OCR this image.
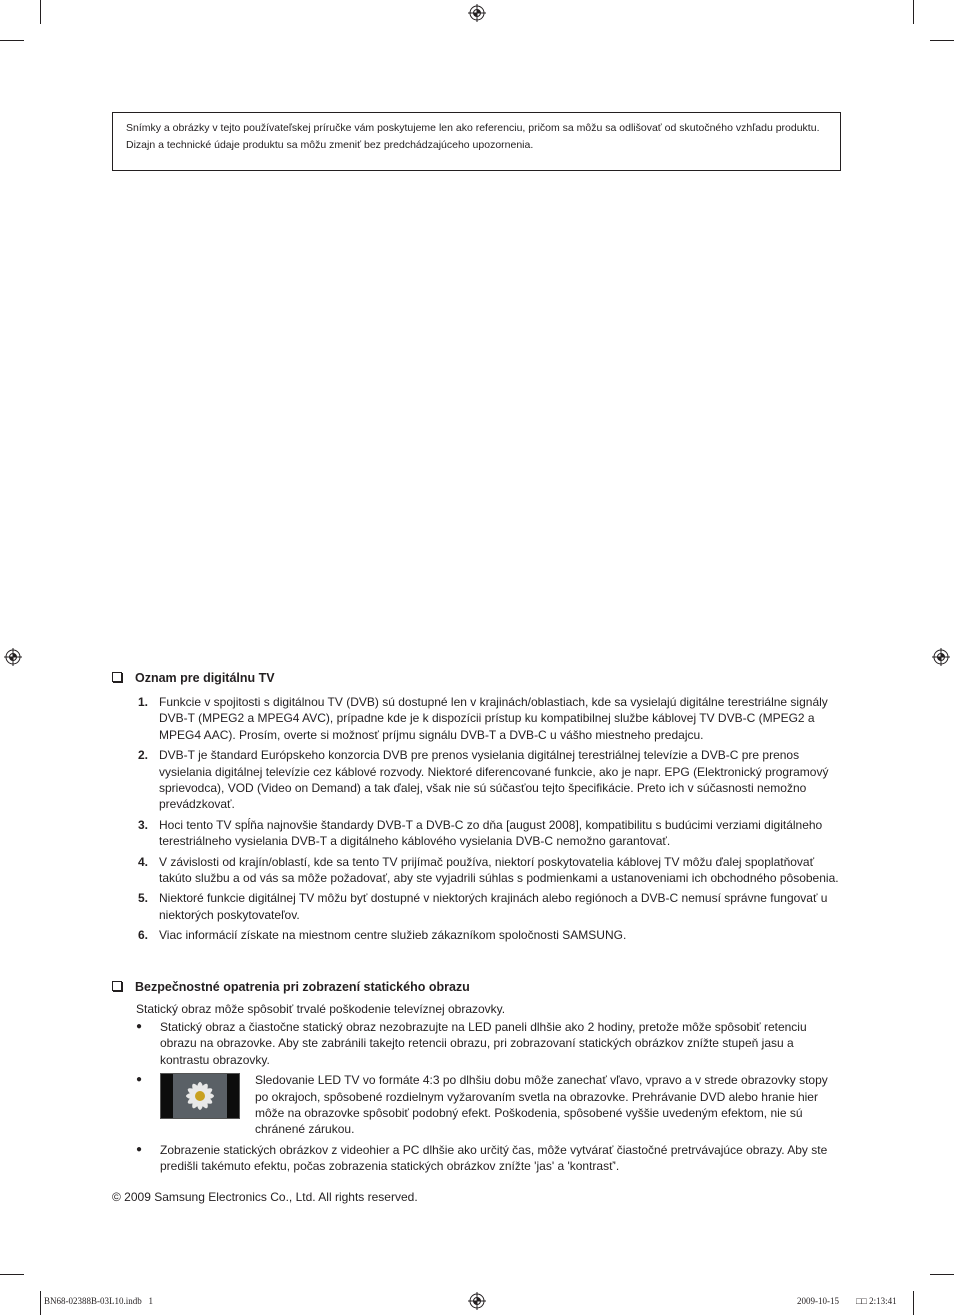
Snímky a obrázky v tejto používateľskej príručke vám poskytujeme len ako referenciu, pričom sa môžu sa odlišovať od skutočného vzhľadu produktu.

Dizajn a technické údaje produktu sa môžu zmeniť bez predchádzajúceho upozornenia.

Oznam pre digitálnu TV
1. Funkcie v spojitosti s digitálnou TV (DVB) sú dostupné len v krajinách/oblastiach, kde sa vysielajú digitálne terestriálne signály DVB-T (MPEG2 a MPEG4 AVC), prípadne kde je k dispozícii prístup ku kompatibilnej službe káblovej TV DVB-C (MPEG2 a MPEG4 AAC). Prosím, overte si možnosť príjmu signálu DVB-T a DVB-C u vášho miestneho predajcu.
2. DVB-T je štandard Európskeho konzorcia DVB pre prenos vysielania digitálnej terestriálnej televízie a DVB-C pre prenos vysielania digitálnej televízie cez káblové rozvody. Niektoré diferencované funkcie, ako je napr. EPG (Elektronický programový sprievodca), VOD (Video on Demand) a tak ďalej, však nie sú súčasťou tejto špecifikácie. Preto ich v súčasnosti nemožno prevádzkovať.
3. Hoci tento TV spĺňa najnovšie štandardy DVB-T a DVB-C zo dňa [august 2008], kompatibilitu s budúcimi verziami digitálneho terestriálneho vysielania DVB-T a digitálneho káblového vysielania DVB-C nemožno garantovať.
4. V závislosti od krajín/oblastí, kde sa tento TV prijímač používa, niektorí poskytovatelia káblovej TV môžu ďalej spoplatňovať takúto službu a od vás sa môže požadovať, aby ste vyjadrili súhlas s podmienkami a ustanoveniami ich obchodného pôsobenia.
5. Niektoré funkcie digitálnej TV môžu byť dostupné v niektorých krajinách alebo regiónoch a DVB-C nemusí správne fungovať u niektorých poskytovateľov.
6. Viac informácií získate na miestnom centre služieb zákazníkom spoločnosti SAMSUNG.
Bezpečnostné opatrenia pri zobrazení statického obrazu
Statický obraz môže spôsobiť trvalé poškodenie televíznej obrazovky.
●	Statický obraz a čiastočne statický obraz nezobrazujte na LED paneli dlhšie ako 2 hodiny, pretože môže spôsobiť retenciu obrazu na obrazovke. Aby ste zabránili takejto retencii obrazu, pri zobrazovaní statických obrázkov znížte stupeň jasu a kontrastu obrazovky.
●	Sledovanie LED TV vo formáte 4:3 po dlhšiu dobu môže zanechať vľavo, vpravo a v strede obrazovky stopy po okrajoch, spôsobené rozdielnym vyžarovaním svetla na obrazovke. Prehrávanie DVD alebo hranie hier môže na obrazovke spôsobiť podobný efekt. Poškodenia, spôsobené vyššie uvedeným efektom, nie sú chránené zárukou.
●	Zobrazenie statických obrázkov z videohier a PC dlhšie ako určitý čas, môže vytvárať čiastočné pretrvávajúce obrazy. Aby ste predišli takémuto efektu, počas zobrazenia statických obrázkov znížte 'jas' a 'kontrasť'.
© 2009 Samsung Electronics Co., Ltd. All rights reserved.
BN68-02388B-03L10.indb   1	2009-10-15 □□ 2:13:41
